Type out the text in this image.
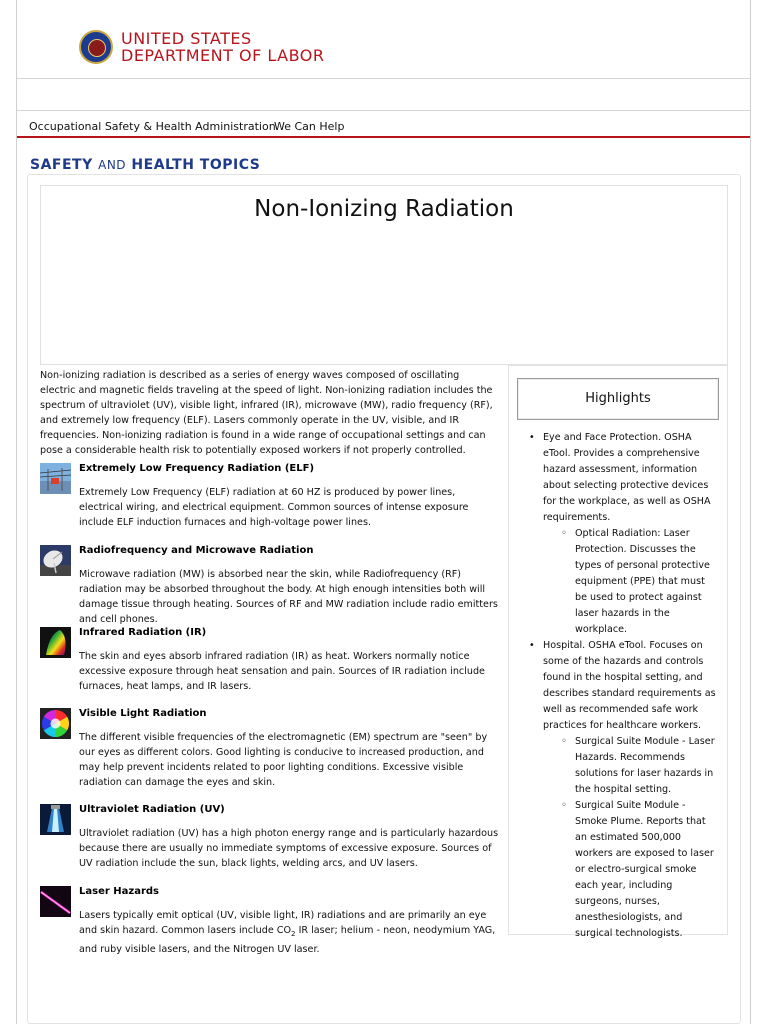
UNITED STATES
DEPARTMENT OF LABOR
Occupational Safety & Health Administration
We Can Help
SAFETY AND HEALTH TOPICS
Non-Ionizing Radiation
Non-ionizing radiation is described as a series of energy waves composed of oscillating electric and magnetic fields traveling at the speed of light. Non-ionizing radiation includes the spectrum of ultraviolet (UV), visible light, infrared (IR), microwave (MW), radio frequency (RF), and extremely low frequency (ELF). Lasers commonly operate in the UV, visible, and IR frequencies. Non-ionizing radiation is found in a wide range of occupational settings and can pose a considerable health risk to potentially exposed workers if not properly controlled.
Extremely Low Frequency Radiation (ELF)

Extremely Low Frequency (ELF) radiation at 60 HZ is produced by power lines, electrical wiring, and electrical equipment. Common sources of intense exposure include ELF induction furnaces and high-voltage power lines.

Radiofrequency and Microwave Radiation

Microwave radiation (MW) is absorbed near the skin, while Radiofrequency (RF) radiation may be absorbed throughout the body. At high enough intensities both will damage tissue through heating. Sources of RF and MW radiation include radio emitters and cell phones.

Infrared Radiation (IR)

The skin and eyes absorb infrared radiation (IR) as heat. Workers normally notice excessive exposure through heat sensation and pain. Sources of IR radiation include furnaces, heat lamps, and IR lasers.

Visible Light Radiation

The different visible frequencies of the electromagnetic (EM) spectrum are "seen" by our eyes as different colors. Good lighting is conducive to increased production, and may help prevent incidents related to poor lighting conditions. Excessive visible radiation can damage the eyes and skin.

Ultraviolet Radiation (UV)

Ultraviolet radiation (UV) has a high photon energy range and is particularly hazardous because there are usually no immediate symptoms of excessive exposure. Sources of UV radiation include the sun, black lights, welding arcs, and UV lasers.

Laser Hazards

Lasers typically emit optical (UV, visible light, IR) radiations and are primarily an eye and skin hazard. Common lasers include $CO_2$ IR laser; helium - neon, neodymium YAG, and ruby visible lasers, and the Nitrogen UV laser.

Highlights
• Eye and Face Protection. OSHA eTool. Provides a comprehensive hazard assessment, information about selecting protective devices for the workplace, as well as OSHA requirements.
◦ Optical Radiation: Laser Protection. Discusses the types of personal protective equipment (PPE) that must be used to protect against laser hazards in the workplace.
• Hospital. OSHA eTool. Focuses on some of the hazards and controls found in the hospital setting, and describes standard requirements as well as recommended safe work practices for healthcare workers.
◦ Surgical Suite Module - Laser Hazards. Recommends solutions for laser hazards in the hospital setting.
◦ Surgical Suite Module - Smoke Plume. Reports that an estimated 500,000 workers are exposed to laser or electro-surgical smoke each year, including surgeons, nurses, anesthesiologists, and surgical technologists.
